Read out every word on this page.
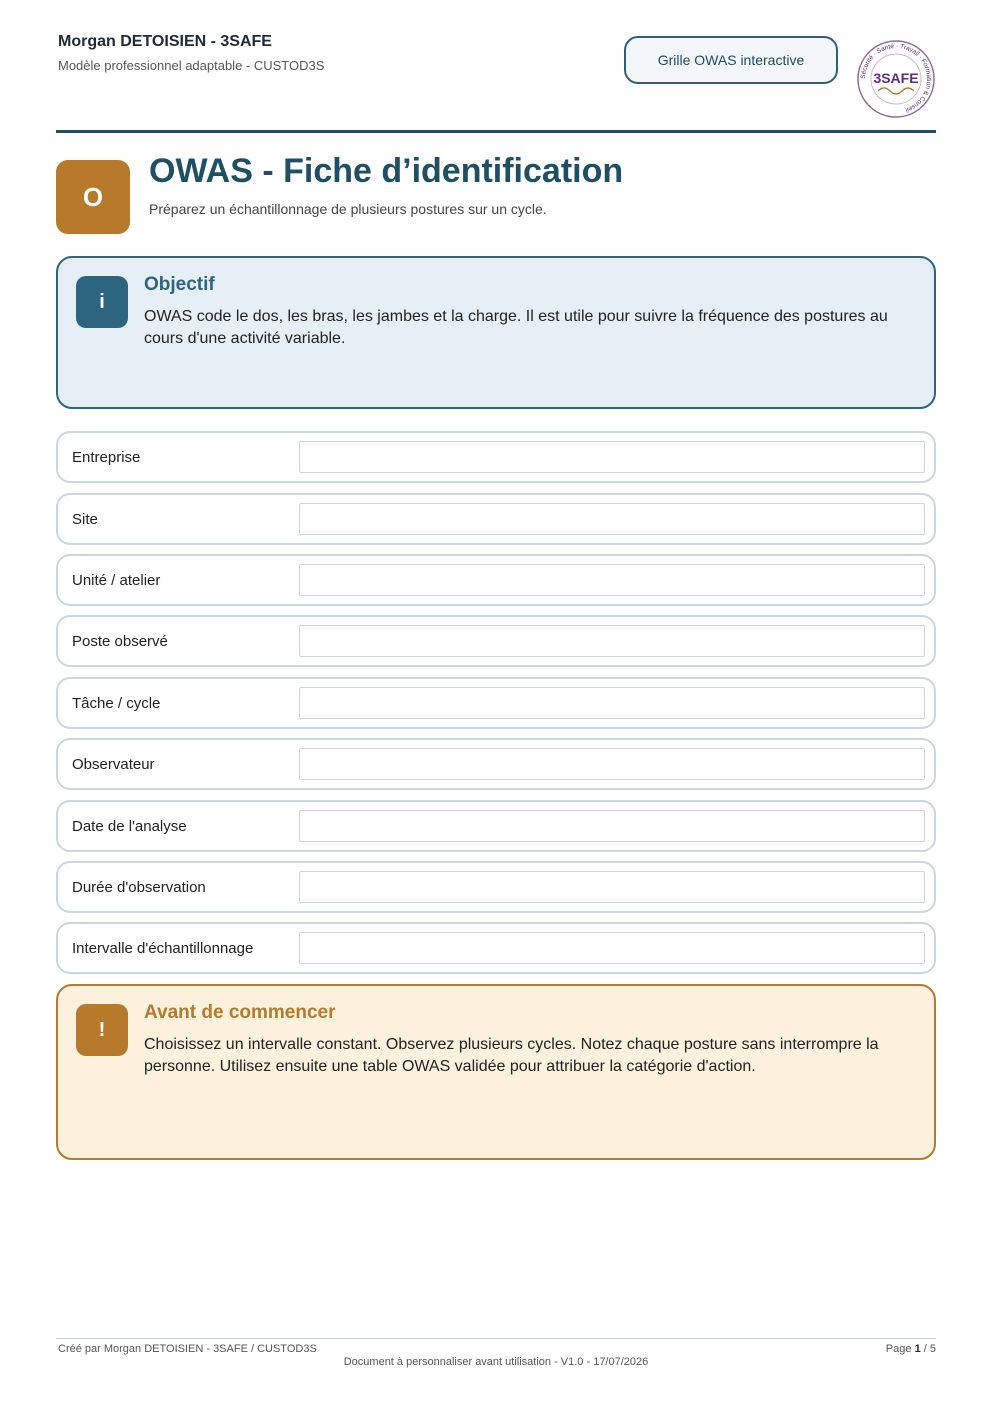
Morgan DETOISIEN - 3SAFE
Modèle professionnel adaptable - CUSTOD3S	Grille OWAS interactive
Sécurité · Santé · Travail · Formation & Conseil
3SAFE
O
OWAS - Fiche d’identification
Préparez un échantillonnage de plusieurs postures sur un cycle.
i
Objectif
OWAS code le dos, les bras, les jambes et la charge. Il est utile pour suivre la fréquence des postures au cours d'une activité variable.
Entreprise
Site
Unité / atelier
Poste observé
Tâche / cycle
Observateur
Date de l'analyse
Durée d'observation
Intervalle d'échantillonnage
!
Avant de commencer
Choisissez un intervalle constant. Observez plusieurs cycles. Notez chaque posture sans interrompre la personne. Utilisez ensuite une table OWAS validée pour attribuer la catégorie d'action.
Créé par Morgan DETOISIEN - 3SAFE / CUSTOD3S
Document à personnaliser avant utilisation - V1.0 - 17/07/2026
Page 1 / 5
